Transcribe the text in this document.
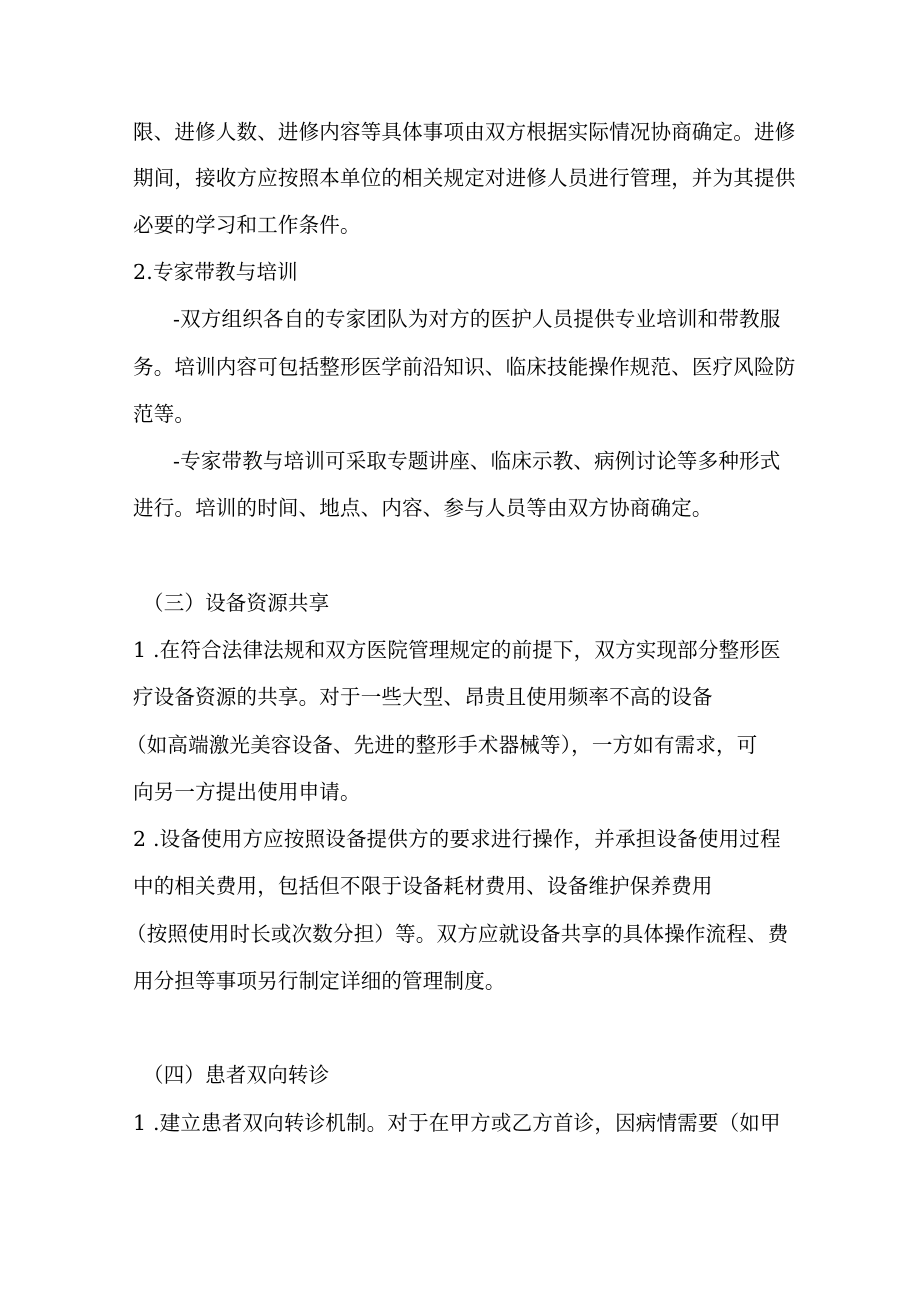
限、进修人数、进修内容等具体事项由双方根据实际情况协商确定。进修
期间，接收方应按照本单位的相关规定对进修人员进行管理，并为其提供
必要的学习和工作条件。
2.专家带教与培训
-双方组织各自的专家团队为对方的医护人员提供专业培训和带教服
务。培训内容可包括整形医学前沿知识、临床技能操作规范、医疗风险防
范等。
-专家带教与培训可采取专题讲座、临床示教、病例讨论等多种形式
进行。培训的时间、地点、内容、参与人员等由双方协商确定。
（三）设备资源共享
1 .在符合法律法规和双方医院管理规定的前提下，双方实现部分整形医
疗设备资源的共享。对于一些大型、昂贵且使用频率不高的设备
（如高端激光美容设备、先进的整形手术器械等），一方如有需求，可
向另一方提出使用申请。
2 .设备使用方应按照设备提供方的要求进行操作，并承担设备使用过程
中的相关费用，包括但不限于设备耗材费用、设备维护保养费用
（按照使用时长或次数分担）等。双方应就设备共享的具体操作流程、费
用分担等事项另行制定详细的管理制度。
（四）患者双向转诊
1 .建立患者双向转诊机制。对于在甲方或乙方首诊，因病情需要（如甲
